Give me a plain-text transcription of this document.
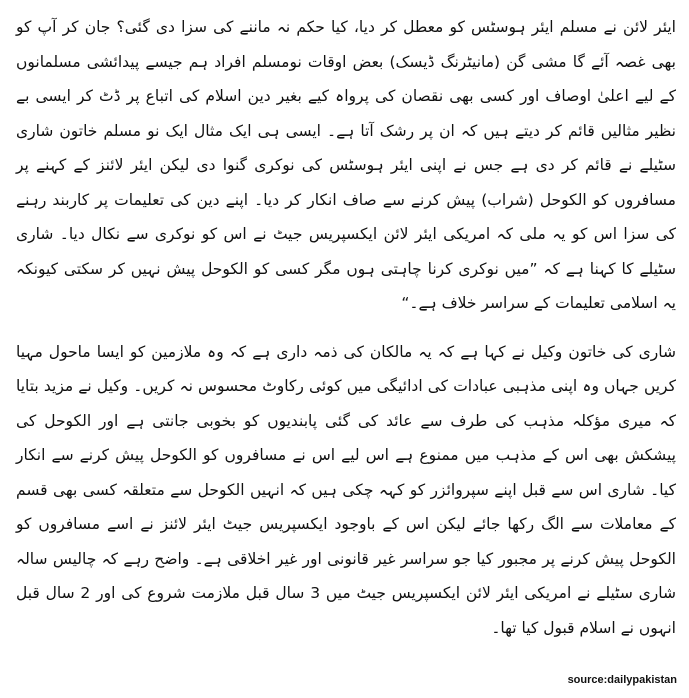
ایئر لائن نے مسلم ایئر ہوسٹس کو معطل کر دیا، کیا حکم نہ ماننے کی سزا دی گئی؟ جان کر آپ کو بھی غصہ آئے گا مشی گن (مانیٹرنگ ڈیسک) بعض اوقات نومسلم افراد ہم جیسے پیدائشی مسلمانوں کے لیے اعلیٰ اوصاف اور کسی بھی نقصان کی پرواہ کیے بغیر دین اسلام کی اتباع پر ڈٹ کر ایسی بے نظیر مثالیں قائم کر دیتے ہیں کہ ان پر رشک آتا ہے۔ ایسی ہی ایک مثال ایک نو مسلم خاتون شاری سٹیلے نے قائم کر دی ہے جس نے اپنی ایئر ہوسٹس کی نوکری گنوا دی لیکن ایئر لائنز کے کہنے پر مسافروں کو الکوحل (شراب) پیش کرنے سے صاف انکار کر دیا۔ اپنے دین کی تعلیمات پر کاربند رہنے کی سزا اس کو یہ ملی کہ امریکی ایئر لائن ایکسپریس جیٹ نے اس کو نوکری سے نکال دیا۔ شاری سٹیلے کا کہنا ہے کہ ”میں نوکری کرنا چاہتی ہوں مگر کسی کو الکوحل پیش نہیں کر سکتی کیونکہ یہ اسلامی تعلیمات کے سراسر خلاف ہے۔“

شاری کی خاتون وکیل نے کہا ہے کہ یہ مالکان کی ذمہ داری ہے کہ وہ ملازمین کو ایسا ماحول مہیا کریں جہاں وہ اپنی مذہبی عبادات کی ادائیگی میں کوئی رکاوٹ محسوس نہ کریں۔ وکیل نے مزید بتایا کہ میری مؤکلہ مذہب کی طرف سے عائد کی گئی پابندیوں کو بخوبی جانتی ہے اور الکوحل کی پیشکش بھی اس کے مذہب میں ممنوع ہے اس لیے اس نے مسافروں کو الکوحل پیش کرنے سے انکار کیا۔ شاری اس سے قبل اپنے سپروائزر کو کہہ چکی ہیں کہ انہیں الکوحل سے متعلقہ کسی بھی قسم کے معاملات سے الگ رکھا جائے لیکن اس کے باوجود ایکسپریس جیٹ ایئر لائنز نے اسے مسافروں کو الکوحل پیش کرنے پر مجبور کیا جو سراسر غیر قانونی اور غیر اخلاقی ہے۔ واضح رہے کہ چالیس سالہ شاری سٹیلے نے امریکی ایئر لائن ایکسپریس جیٹ میں 3 سال قبل ملازمت شروع کی اور 2 سال قبل انہوں نے اسلام قبول کیا تھا۔

source:dailypakistan
